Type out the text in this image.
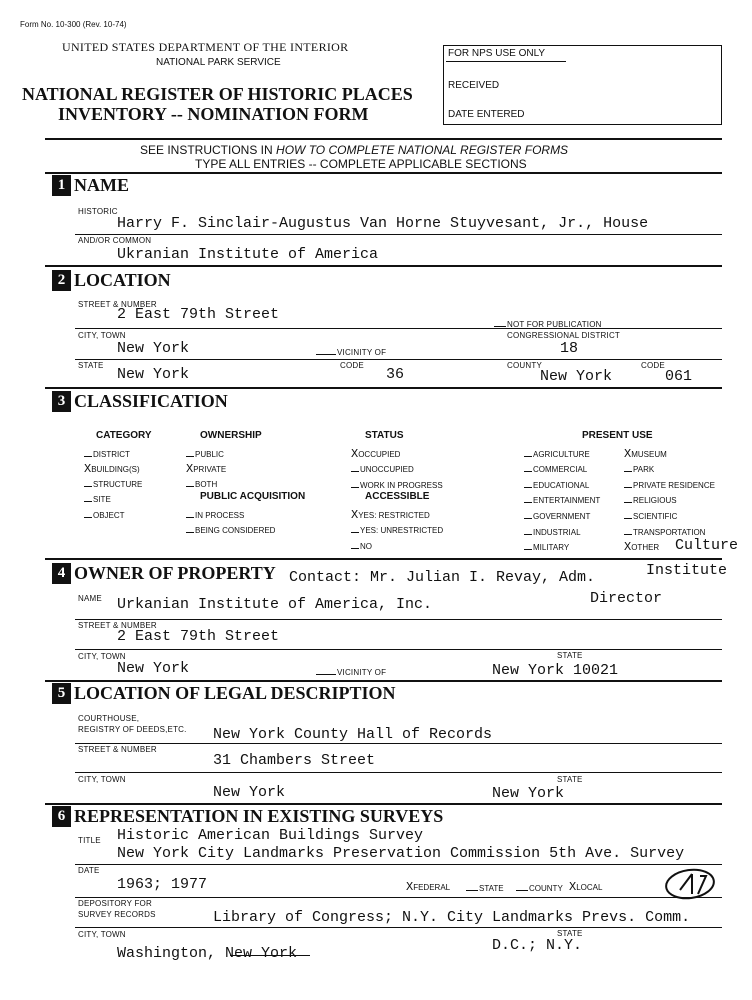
Form No. 10-300 (Rev. 10-74)
UNITED STATES DEPARTMENT OF THE INTERIOR
NATIONAL PARK SERVICE
NATIONAL REGISTER OF HISTORIC PLACES
INVENTORY -- NOMINATION FORM
FOR NPS USE ONLY
RECEIVED
DATE ENTERED
SEE INSTRUCTIONS IN HOW TO COMPLETE NATIONAL REGISTER FORMS
TYPE ALL ENTRIES -- COMPLETE APPLICABLE SECTIONS
1 NAME
HISTORIC
Harry F. Sinclair-Augustus Van Horne Stuyvesant, Jr., House
AND/OR COMMON
Ukranian Institute of America
2 LOCATION
STREET & NUMBER
2 East 79th Street
NOT FOR PUBLICATION
CITY, TOWN	CONGRESSIONAL DISTRICT
New York	VICINITY OF	18
STATE	CODE	COUNTY	CODE
New York	36	New York	061
3 CLASSIFICATION
CATEGORY	OWNERSHIP	STATUS	PRESENT USE
DISTRICT
XBUILDING(S)
STRUCTURE
SITE
OBJECT
PUBLIC
XPRIVATE
BOTH
PUBLIC ACQUISITION
IN PROCESS
BEING CONSIDERED
XOCCUPIED
UNOCCUPIED
WORK IN PROGRESS
ACCESSIBLE
XYES: RESTRICTED
YES: UNRESTRICTED
NO
AGRICULTURE
COMMERCIAL
EDUCATIONAL
ENTERTAINMENT
GOVERNMENT
INDUSTRIAL
MILITARY
XMUSEUM
PARK
PRIVATE RESIDENCE
RELIGIOUS
SCIENTIFIC
TRANSPORTATION
XOTHER Culture
4 OWNER OF PROPERTY Contact: Mr. Julian I. Revay, Adm.	Institute
Director
NAME Urkanian Institute of America, Inc.
STREET & NUMBER
2 East 79th Street
CITY, TOWN	STATE
New York	VICINITY OF	New York 10021
5 LOCATION OF LEGAL DESCRIPTION
COURTHOUSE,
REGISTRY OF DEEDS,ETC. New York County Hall of Records
STREET & NUMBER
31 Chambers Street
CITY, TOWN	STATE
New York	New York
6 REPRESENTATION IN EXISTING SURVEYS
TITLE Historic American Buildings Survey
New York City Landmarks Preservation Commission 5th Ave. Survey
DATE
1963; 1977	XFEDERAL	STATE	COUNTY XLOCAL
DEPOSITORY FOR
SURVEY RECORDS	Library of Congress; N.Y. City Landmarks Prevs. Comm.
CITY, TOWN	STATE
Washington, New York	D.C.; N.Y.
